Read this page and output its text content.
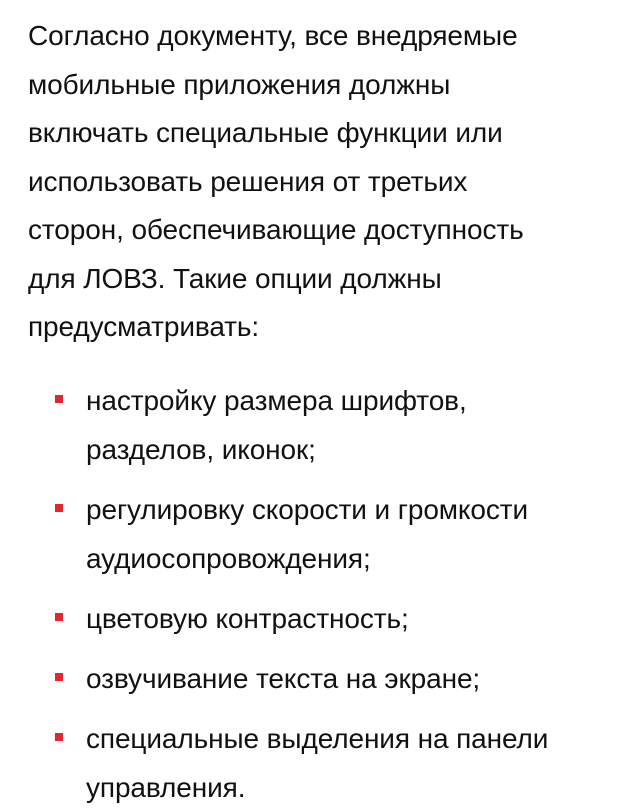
Согласно документу, все внедряемые
мобильные приложения должны
включать специальные функции или
использовать решения от третьих
сторон, обеспечивающие доступность
для ЛОВЗ. Такие опции должны
предусматривать:

настройку размера шрифтов,
разделов, иконок;
регулировку скорости и громкости
аудиосопровождения;
цветовую контрастность;
озвучивание текста на экране;
специальные выделения на панели
управления.
